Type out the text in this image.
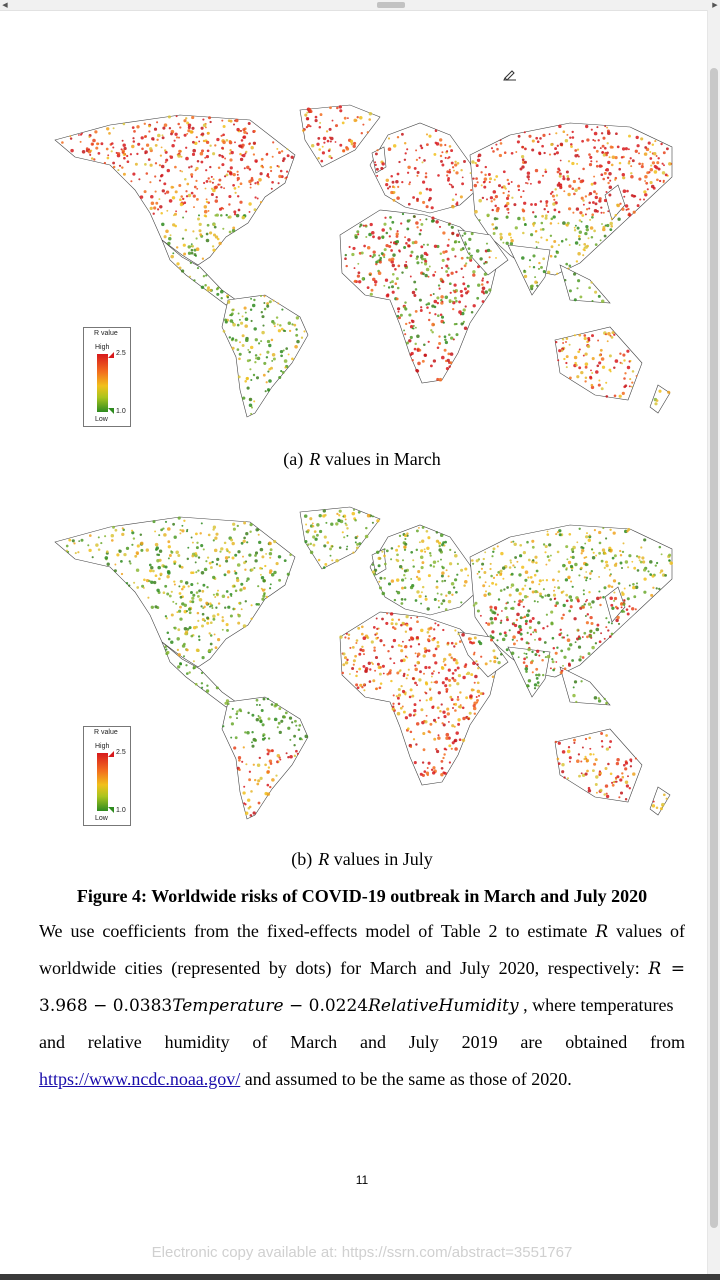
◀	▶
R value
High
2.5
1.0
Low
(a) R values in March
R value
High
2.5
1.0
Low
(b) R values in July
Figure 4: Worldwide risks of COVID-19 outbreak in March and July 2020
We use coefficients from the fixed-effects model of Table 2 to estimate R values of
worldwide cities (represented by dots) for March and July 2020, respectively: R =
3.968 − 0.0383Temperature − 0.0224RelativeHumidity , where temperatures
and relative humidity of March and July 2019 are obtained from
https://www.ncdc.noaa.gov/ and assumed to be the same as those of 2020.
11
Electronic copy available at: https://ssrn.com/abstract=3551767
